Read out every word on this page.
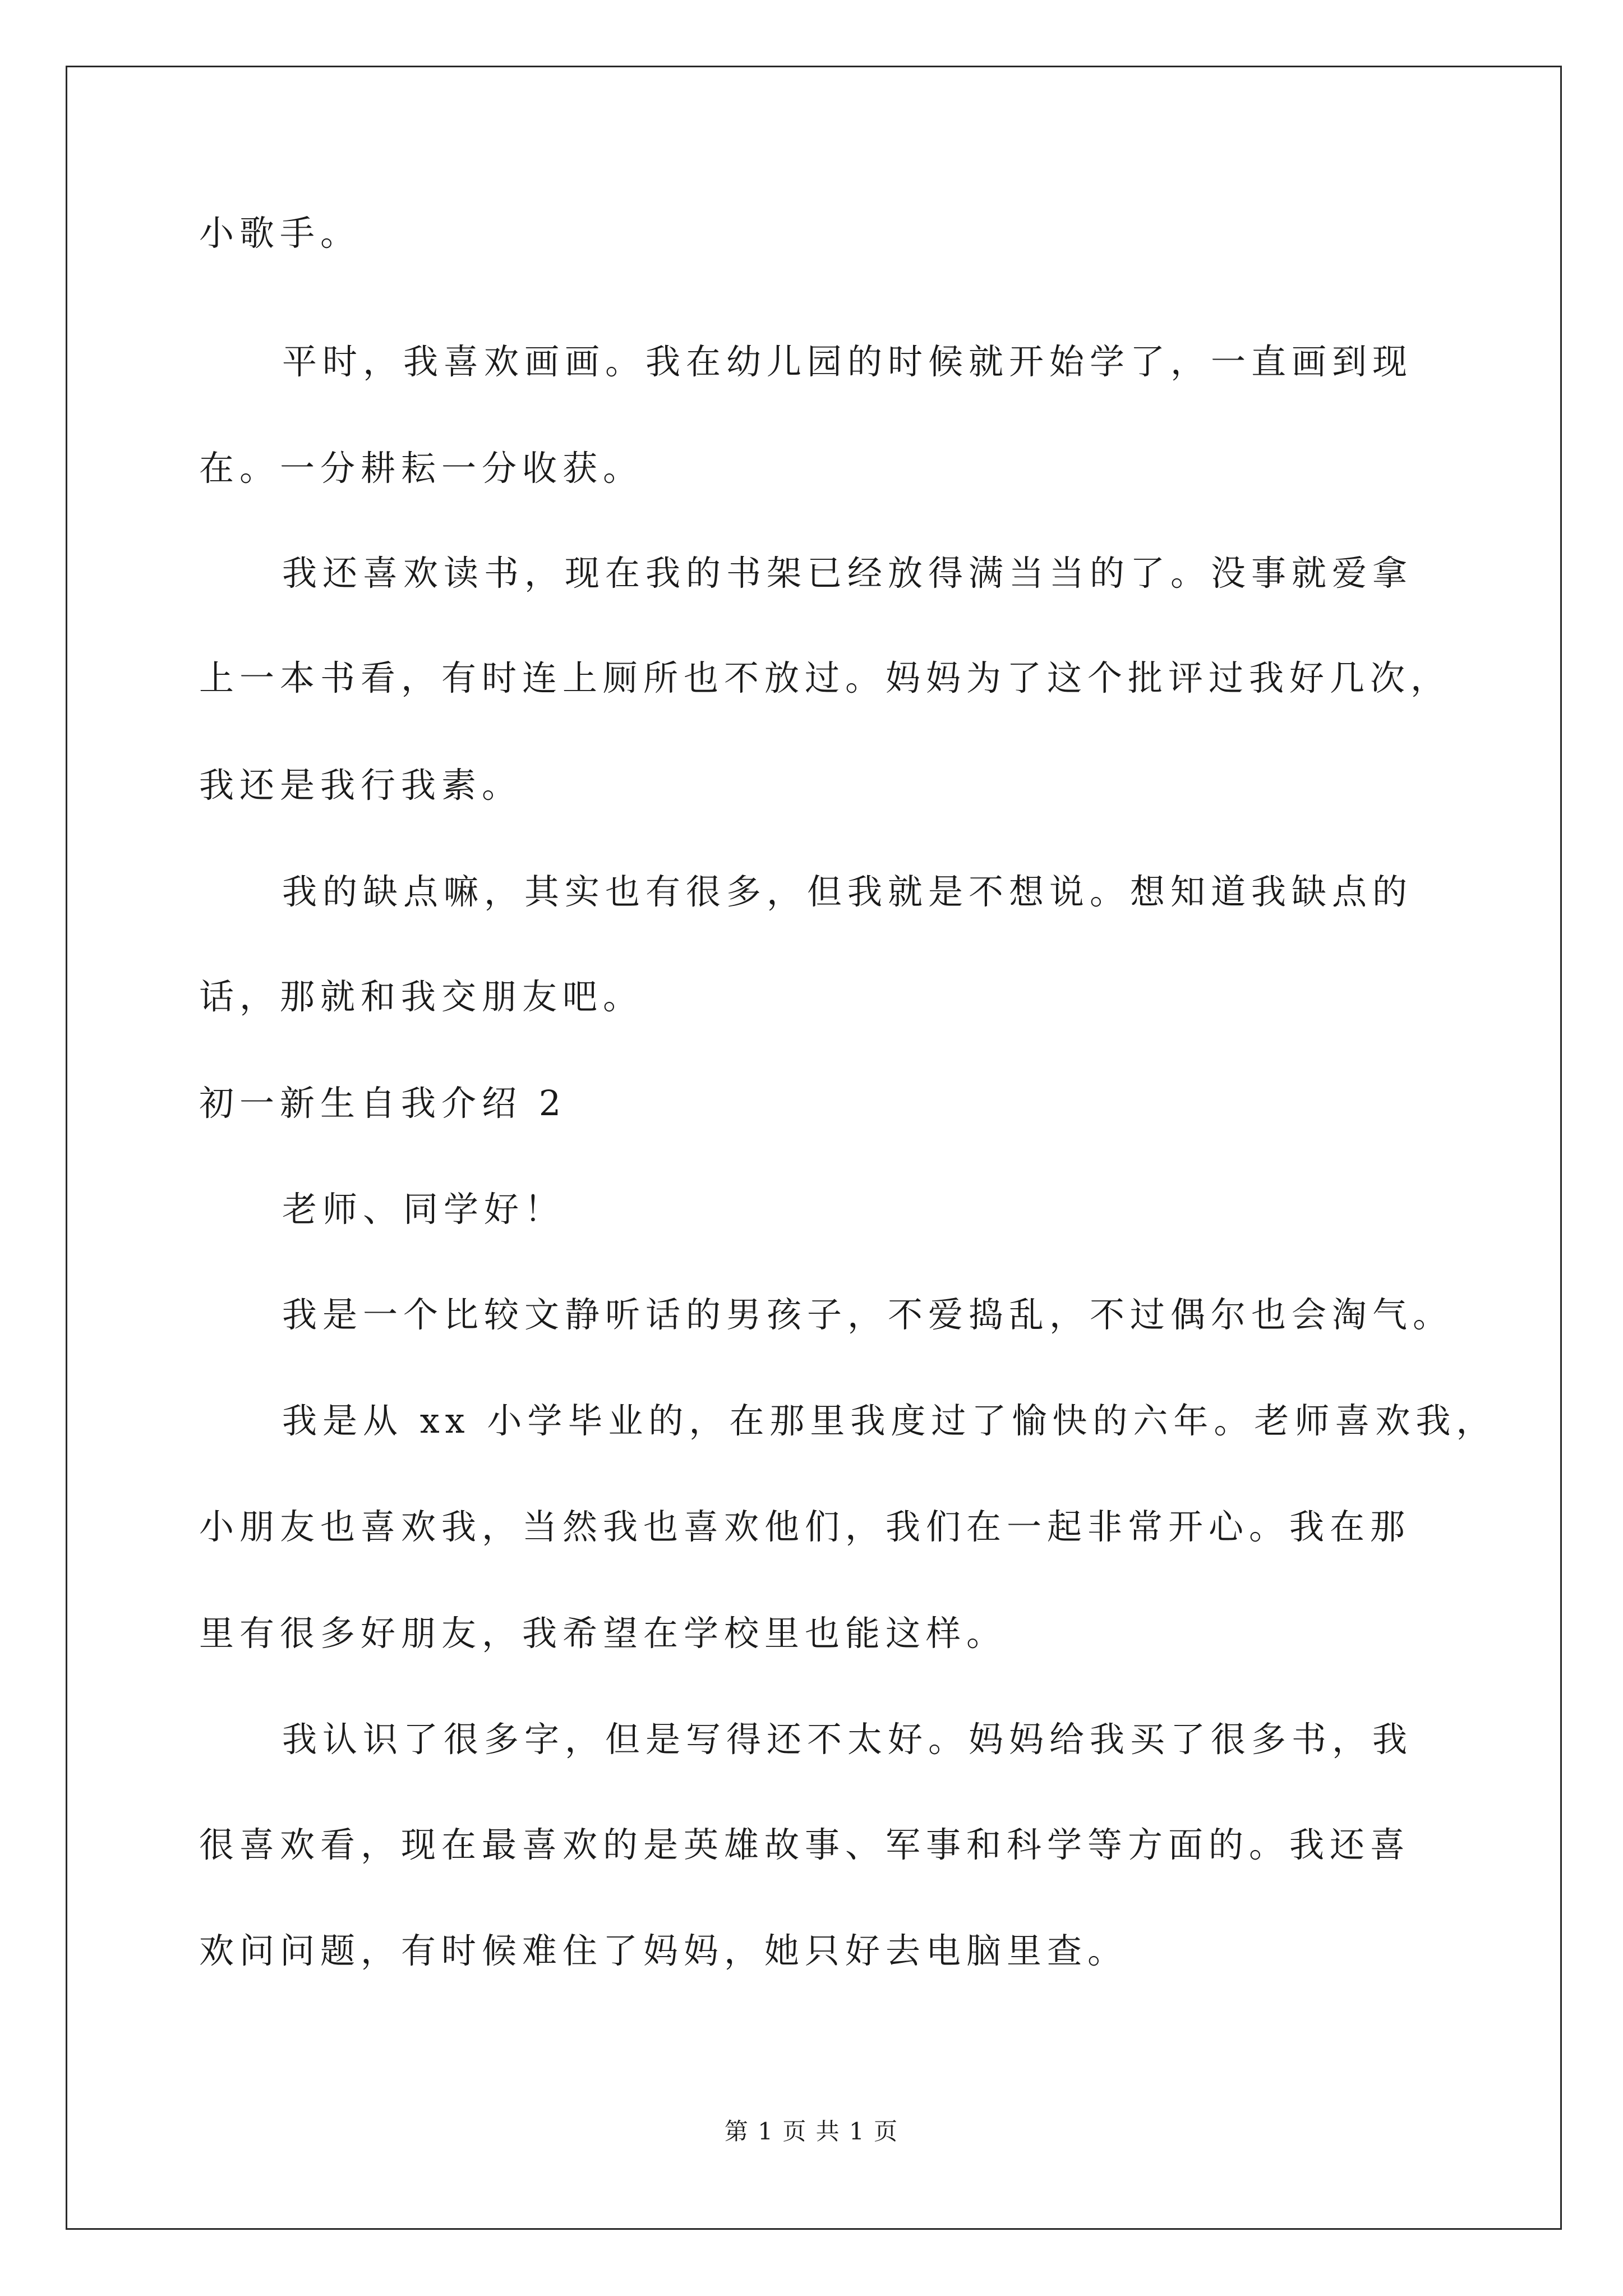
小歌手。
平时，我喜欢画画。我在幼儿园的时候就开始学了，一直画到现
在。一分耕耘一分收获。
我还喜欢读书，现在我的书架已经放得满当当的了。没事就爱拿
上一本书看，有时连上厕所也不放过。妈妈为了这个批评过我好几次，
我还是我行我素。
我的缺点嘛，其实也有很多，但我就是不想说。想知道我缺点的
话，那就和我交朋友吧。
初一新生自我介绍 2
老师、同学好！
我是一个比较文静听话的男孩子，不爱捣乱，不过偶尔也会淘气。
我是从 xx 小学毕业的，在那里我度过了愉快的六年。老师喜欢我，
小朋友也喜欢我，当然我也喜欢他们，我们在一起非常开心。我在那
里有很多好朋友，我希望在学校里也能这样。
我认识了很多字，但是写得还不太好。妈妈给我买了很多书，我
很喜欢看，现在最喜欢的是英雄故事、军事和科学等方面的。我还喜
欢问问题，有时候难住了妈妈，她只好去电脑里查。
第 1 页 共 1 页
